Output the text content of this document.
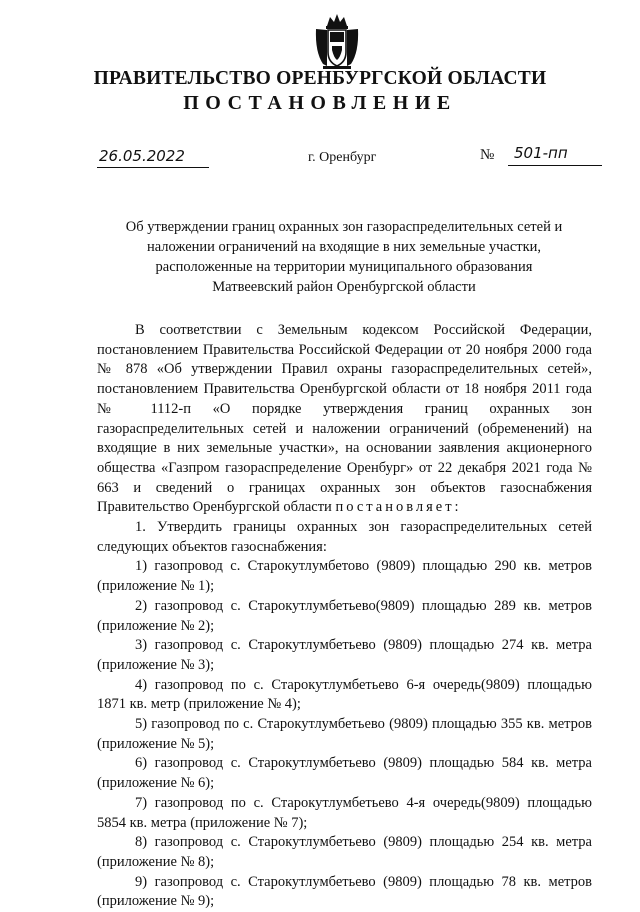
ПРАВИТЕЛЬСТВО ОРЕНБУРГСКОЙ ОБЛАСТИ
ПОСТАНОВЛЕНИЕ
26.05.2022	г. Оренбург	№	501-пп
Об утверждении границ охранных зон газораспределительных сетей и
наложении ограничений на входящие в них земельные участки,
расположенные на территории муниципального образования
Матвеевский район Оренбургской области

В соответствии с Земельным кодексом Российской Федерации, постановлением Правительства Российской Федерации от 20 ноября 2000 года № 878 «Об утверждении Правил охраны газораспределительных сетей», постановлением Правительства Оренбургской области от 18 ноября 2011 года № 1112-п «О порядке утверждения границ охранных зон газораспределительных сетей и наложении ограничений (обременений) на входящие в них земельные участки», на основании заявления акционерного общества «Газпром газораспределение Оренбург» от 22 декабря 2021 года № 663 и сведений о границах охранных зон объектов газоснабжения Правительство Оренбургской области постановляет:

1. Утвердить границы охранных зон газораспределительных сетей следующих объектов газоснабжения:

1) газопровод с. Старокутлумбетово (9809) площадью 290 кв. метров (приложение № 1);

2) газопровод с. Старокутлумбетьево(9809) площадью 289 кв. метров (приложение № 2);

3) газопровод с. Старокутлумбетьево (9809) площадью 274 кв. метра (приложение № 3);

4) газопровод по с. Старокутлумбетьево 6-я очередь(9809) площадью 1871 кв. метр (приложение № 4);

5) газопровод по с. Старокутлумбетьево (9809) площадью 355 кв. метров (приложение № 5);

6) газопровод с. Старокутлумбетьево (9809) площадью 584 кв. метра (приложение № 6);

7) газопровод по с. Старокутлумбетьево 4-я очередь(9809) площадью 5854 кв. метра (приложение № 7);

8) газопровод с. Старокутлумбетьево (9809) площадью 254 кв. метра (приложение № 8);

9) газопровод с. Старокутлумбетьево (9809) площадью 78 кв. метров (приложение № 9);
